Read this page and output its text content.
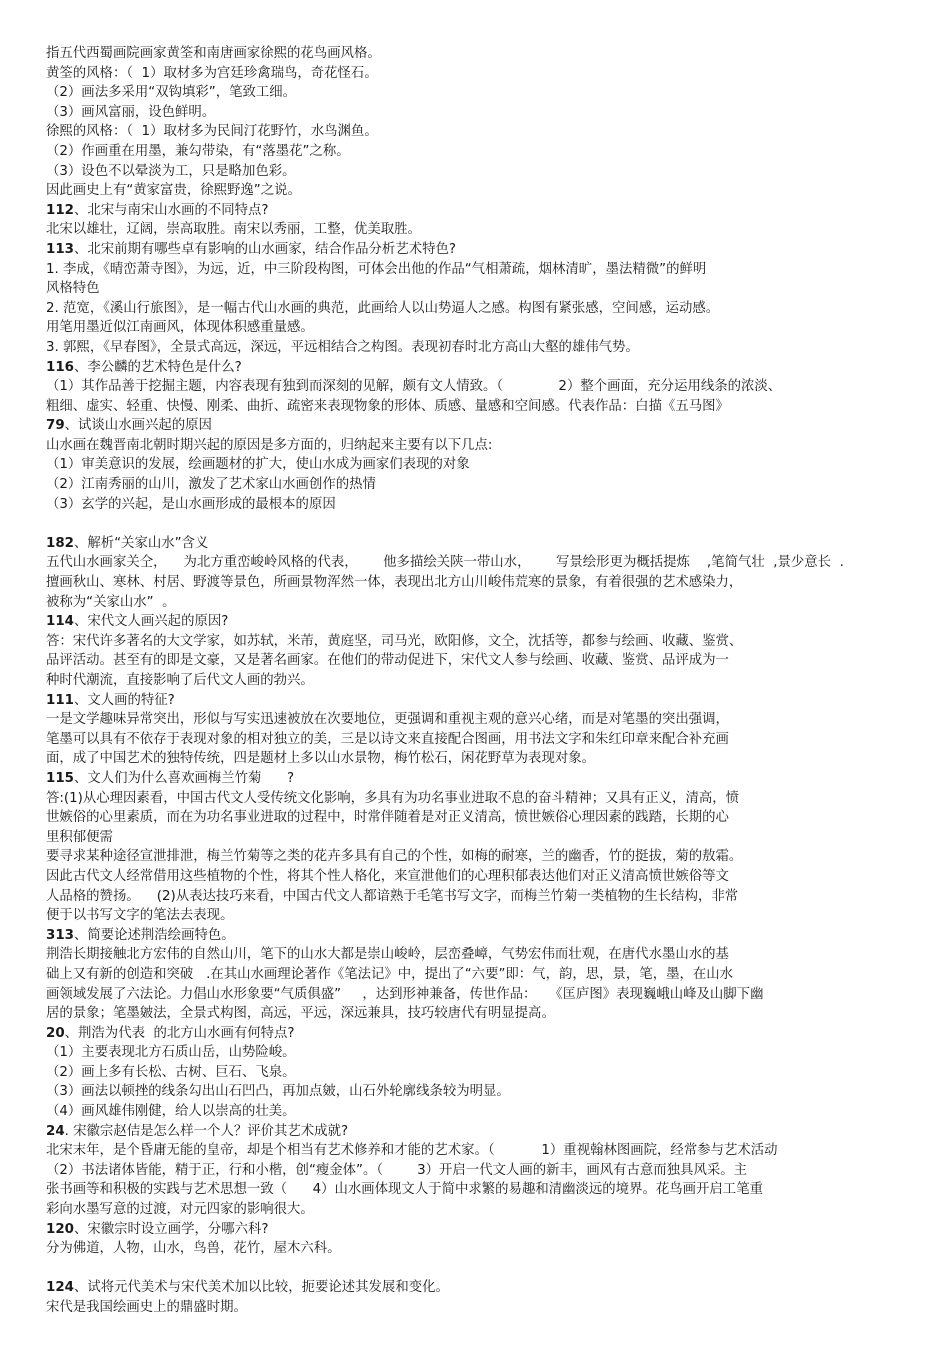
指五代西蜀画院画家黄筌和南唐画家徐熙的花鸟画风格。
黄筌的风格：（  1）取材多为宫廷珍禽瑞鸟，奇花怪石。
（2）画法多采用“双钩填彩”，笔致工细。
（3）画风富丽，设色鲜明。
徐熙的风格：（  1）取材多为民间汀花野竹，水鸟渊鱼。
（2）作画重在用墨，兼勾带染，有“落墨花”之称。
（3）设色不以晕淡为工，只是略加色彩。
因此画史上有“黄家富贵，徐熙野逸”之说。
112、北宋与南宋山水画的不同特点?
北宋以雄壮，辽阔，崇高取胜。南宋以秀丽，工整，优美取胜。
113、北宋前期有哪些卓有影响的山水画家，结合作品分析艺术特色?
1. 李成，《晴峦萧寺图》，为远，近，中三阶段构图，可体会出他的作品“气相萧疏，烟林清旷，墨法精微”的鲜明
风格特色
2. 范宽，《溪山行旅图》，是一幅古代山水画的典范，此画给人以山势逼人之感。构图有紧张感，空间感，运动感。
用笔用墨近似江南画风，体现体积感重量感。
3. 郭熙，《早春图》，全景式高远，深远，平远相结合之构图。表现初春时北方高山大壑的雄伟气势。
116、李公麟的艺术特色是什么?
（1）其作品善于挖掘主题，内容表现有独到而深刻的见解，颇有文人情致。（             2）整个画面，充分运用线条的浓淡、
粗细、虚实、轻重、快慢、刚柔、曲折、疏密来表现物象的形体、质感、量感和空间感。代表作品：白描《五马图》
79、试谈山水画兴起的原因
山水画在魏晋南北朝时期兴起的原因是多方面的，归纳起来主要有以下几点:
（1）审美意识的发展，绘画题材的扩大，使山水成为画家们表现的对象
（2）江南秀丽的山川，激发了艺术家山水画创作的热情
（3）玄学的兴起，是山水画形成的最根本的原因
182、解析“关家山水”含义
五代山水画家关仝，    为北方重峦峻岭风格的代表，      他多描绘关陕一带山水，      写景绘形更为概括提炼    ,笔简气壮  ,景少意长  .
擅画秋山、寒林、村居、野渡等景色，所画景物浑然一体，表现出北方山川峻伟荒寒的景象，有着很强的艺术感染力，
被称为“关家山水”  。
114、宋代文人画兴起的原因?
答：宋代许多著名的大文学家，如苏轼，米芾，黄庭坚，司马光，欧阳修，文仝，沈括等，都参与绘画、收藏、鉴赏、
品评活动。甚至有的即是文豪，又是著名画家。在他们的带动促进下，宋代文人参与绘画、收藏、鉴赏、品评成为一
种时代潮流，直接影响了后代文人画的勃兴。
111、文人画的特征?
一是文学趣味异常突出，形似与写实迅速被放在次要地位，更强调和重视主观的意兴心绪，而是对笔墨的突出强调，
笔墨可以具有不依存于表现对象的相对独立的美，三是以诗文来直接配合图画，用书法文字和朱红印章来配合补充画
面，成了中国艺术的独特传统，四是题材上多以山水景物，梅竹松石，闲花野草为表现对象。
115、文人们为什么喜欢画梅兰竹菊      ?
答:(1)从心理因素看，中国古代文人受传统文化影响，多具有为功名事业进取不息的奋斗精神；又具有正义，清高，愤
世嫉俗的心里素质，而在为功名事业进取的过程中，时常伴随着是对正义清高，愤世嫉俗心理因素的践踏，长期的心
里积郁便需
要寻求某种途径宣泄排泄，梅兰竹菊等之类的花卉多具有自己的个性，如梅的耐寒，兰的幽香，竹的挺拔，菊的敖霜。
因此古代文人经常借用这些植物的个性，将其个性人格化，来宣泄他们的心理积郁表达他们对正义清高愤世嫉俗等文
人品格的赞扬。    (2)从表达技巧来看，中国古代文人都谙熟于毛笔书写文字，而梅兰竹菊一类植物的生长结构，非常
便于以书写文字的笔法去表现。
313、简要论述荆浩绘画特色。
荆浩长期接触北方宏伟的自然山川，笔下的山水大都是崇山峻岭，层峦叠嶂，气势宏伟而壮观，在唐代水墨山水的基
础上又有新的创造和突破   .在其山水画理论著作《笔法记》中，提出了“六要”即：气，韵，思，景，笔，墨，在山水
画领域发展了六法论。力倡山水形象要“气质俱盛”     ，达到形神兼备，传世作品：   《匡庐图》表现巍峨山峰及山脚下幽
居的景象；笔墨皴法，全景式构图，高远，平远，深远兼具，技巧较唐代有明显提高。
20、荆浩为代表  的北方山水画有何特点?
（1）主要表现北方石质山岳，山势险峻。
（2）画上多有长松、古树、巨石、飞泉。
（3）画法以顿挫的线条勾出山石凹凸，再加点皴，山石外轮廓线条较为明显。
（4）画风雄伟刚健，给人以崇高的壮美。
24. 宋徽宗赵佶是怎么样一个人？评价其艺术成就?
北宋末年，是个昏庸无能的皇帝，却是个相当有艺术修养和才能的艺术家。（           1）重视翰林图画院，经常参与艺术活动
（2）书法诸体皆能，精于正，行和小楷，创“瘦金体”。（        3）开启一代文人画的新丰，画风有古意而独具风采。主
张书画等和积极的实践与艺术思想一致（      4）山水画体现文人于简中求繁的易趣和清幽淡远的境界。花鸟画开启工笔重
彩向水墨写意的过渡，对元四家的影响很大。
120、宋徽宗时设立画学，分哪六科?
分为佛道，人物，山水，鸟兽，花竹，屋木六科。
124、试将元代美术与宋代美术加以比较，扼要论述其发展和变化。
宋代是我国绘画史上的鼎盛时期。
